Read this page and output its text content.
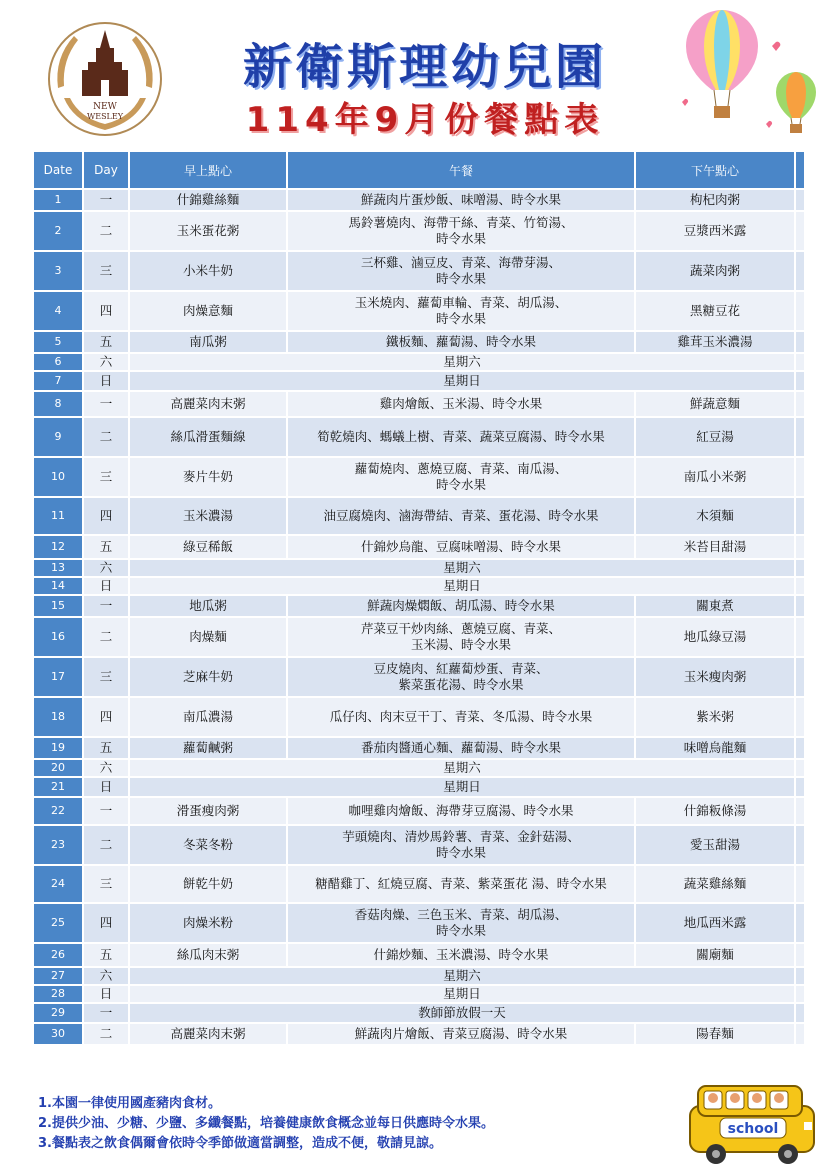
NEW
WESLEY
新衛斯理幼兒園
114年9月份餐點表
Date	Day	早上點心	午餐	下午點心	
1	一	什錦雞絲麵	鮮蔬肉片蛋炒飯、味噌湯、時令水果	枸杞肉粥	
2	二	玉米蛋花粥	馬鈴薯燒肉、海帶干絲、青菜、竹筍湯、
時令水果	豆漿西米露	
3	三	小米牛奶	三杯雞、滷豆皮、青菜、海帶芽湯、
時令水果	蔬菜肉粥	
4	四	肉燥意麵	玉米燒肉、蘿蔔車輪、青菜、胡瓜湯、
時令水果	黑糖豆花	
5	五	南瓜粥	鐵板麵、蘿蔔湯、時令水果	雞茸玉米濃湯	
6	六	星期六			
7	日	星期日			
8	一	高麗菜肉末粥	雞肉燴飯、玉米湯、時令水果	鮮蔬意麵	
9	二	絲瓜滑蛋麵線	筍乾燒肉、螞蟻上樹、青菜、蔬菜豆腐湯、時令水果	紅豆湯	
10	三	麥片牛奶	蘿蔔燒肉、蔥燒豆腐、青菜、南瓜湯、
時令水果	南瓜小米粥	
11	四	玉米濃湯	油豆腐燒肉、滷海帶結、青菜、蛋花湯、時令水果	木須麵	
12	五	綠豆稀飯	什錦炒烏龍、豆腐味噌湯、時令水果	米苔目甜湯	
13	六	星期六			
14	日	星期日			
15	一	地瓜粥	鮮蔬肉燥燜飯、胡瓜湯、時令水果	關東煮	
16	二	肉燥麵	芹菜豆干炒肉絲、蔥燒豆腐、青菜、
玉米湯、時令水果	地瓜綠豆湯	
17	三	芝麻牛奶	豆皮燒肉、紅蘿蔔炒蛋、青菜、
紫菜蛋花湯、時令水果	玉米瘦肉粥	
18	四	南瓜濃湯	瓜仔肉、肉末豆干丁、青菜、冬瓜湯、時令水果	紫米粥	
19	五	蘿蔔鹹粥	番茄肉醬通心麵、蘿蔔湯、時令水果	味噌烏龍麵	
20	六	星期六			
21	日	星期日			
22	一	滑蛋瘦肉粥	咖哩雞肉燴飯、海帶芽豆腐湯、時令水果	什錦粄條湯	
23	二	冬菜冬粉	芋頭燒肉、清炒馬鈴薯、青菜、金針菇湯、
時令水果	愛玉甜湯	
24	三	餅乾牛奶	糖醋雞丁、紅燒豆腐、青菜、紫菜蛋花 湯、時令水果	蔬菜雞絲麵	
25	四	肉燥米粉	香菇肉燥、三色玉米、青菜、胡瓜湯、
時令水果	地瓜西米露	
26	五	絲瓜肉末粥	什錦炒麵、玉米濃湯、時令水果	關廟麵	
27	六	星期六			
28	日	星期日			
29	一	教師節放假一天			
30	二	高麗菜肉末粥	鮮蔬肉片燴飯、青菜豆腐湯、時令水果	陽春麵	
1.本園一律使用國產豬肉食材。
2.提供少油、少糖、少鹽、多纖餐點，培養健康飲食概念並每日供應時令水果。
3.餐點表之飲食偶爾會依時令季節做適當調整，造成不便，敬請見諒。
school
